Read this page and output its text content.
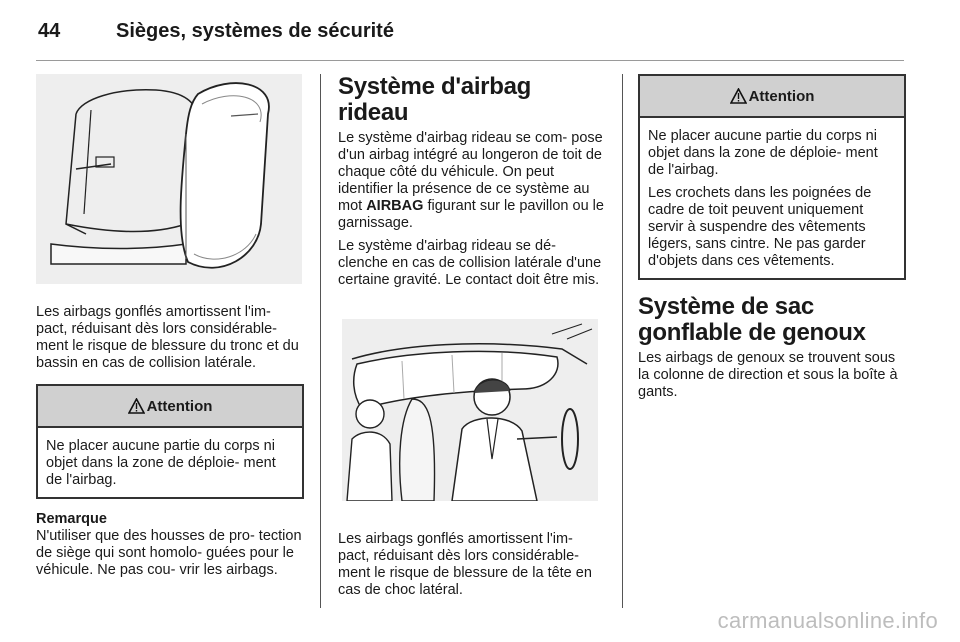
44	Sièges, systèmes de sécurité

Les airbags gonflés amortissent l'im- pact, réduisant dès lors considérable- ment le risque de blessure du tronc et du bassin en cas de collision latérale.

Attention

Ne placer aucune partie du corps ni objet dans la zone de déploie- ment de l'airbag.

Remarque

N'utiliser que des housses de pro- tection de siège qui sont homolo- guées pour le véhicule. Ne pas cou- vrir les airbags.

Système d'airbag rideau

Le système d'airbag rideau se com- pose d'un airbag intégré au longeron de toit de chaque côté du véhicule. On peut identifier la présence de ce système au mot AIRBAG figurant sur le pavillon ou le garnissage.

Le système d'airbag rideau se dé- clenche en cas de collision latérale d'une certaine gravité. Le contact doit être mis.

Les airbags gonflés amortissent l'im- pact, réduisant dès lors considérable- ment le risque de blessure de la tête en cas de choc latéral.

Attention

Ne placer aucune partie du corps ni objet dans la zone de déploie- ment de l'airbag.

Les crochets dans les poignées de cadre de toit peuvent uniquement servir à suspendre des vêtements légers, sans cintre. Ne pas garder d'objets dans ces vêtements.

Système de sac gonflable de genoux

Les airbags de genoux se trouvent sous la colonne de direction et sous la boîte à gants.

carmanualsonline.info
